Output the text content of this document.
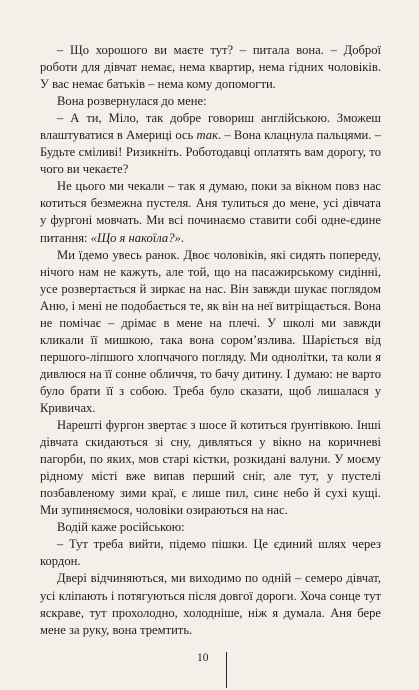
– Що хорошого ви маєте тут? – питала вона. – Доброї роботи для дівчат немає, нема квартир, нема гідних чоловіків. У вас немає батьків – нема кому допомогти.

Вона розвернулася до мене:

– А ти, Міло, так добре говориш англійською. Зможеш влаштуватися в Америці ось так. – Вона клацнула пальцями. – Будьте сміливі! Ризикніть. Роботодавці оплатять вам дорогу, то чого ви чекаєте?

Не цього ми чекали – так я думаю, поки за вікном повз нас котиться безмежна пустеля. Аня тулиться до мене, усі дівчата у фургоні мовчать. Ми всі починаємо ставити собі одне-єдине питання: «Що я накоїла?».

Ми їдемо увесь ранок. Двоє чоловіків, які сидять попереду, нічого нам не кажуть, але той, що на пасажирському сидінні, усе розвертається й зиркає на нас. Він завжди шукає поглядом Аню, і мені не подобається те, як він на неї витріщається. Вона не помічає – дрімає в мене на плечі. У школі ми завжди кликали її мишкою, така вона сором’язлива. Шаріється від першого-ліпшого хлопчачого погляду. Ми однолітки, та коли я дивлюся на її сонне обличчя, то бачу дитину. І думаю: не варто було брати її з собою. Треба було сказати, щоб лишалася у Кривичах.

Нарешті фургон звертає з шосе й котиться ґрунтівкою. Інші дівчата скидаються зі сну, дивляться у вікно на коричневі пагорби, по яких, мов старі кістки, розкидані валуни. У моєму рідному місті вже випав перший сніг, але тут, у пустелі позбавленому зими краї, є лише пил, синє небо й сухі кущі. Ми зупиняємося, чоловіки озираються на нас.

Водій каже російською:

– Тут треба вийти, підемо пішки. Це єдиний шлях через кордон.

Двері відчиняються, ми виходимо по одній – семеро дівчат, усі кліпають і потягуються після довгої дороги. Хоча сонце тут яскраве, тут прохолодно, холодніше, ніж я думала. Аня бере мене за руку, вона тремтить.

10
